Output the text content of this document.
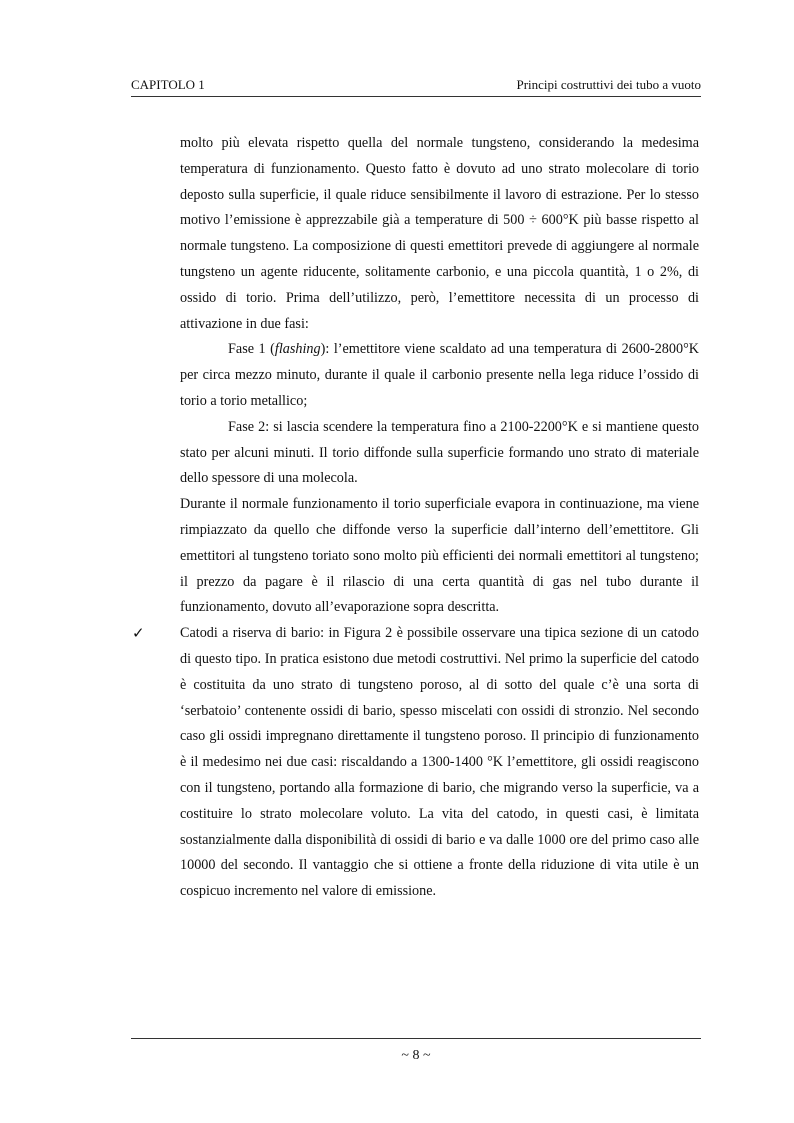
CAPITOLO 1	Principi costruttivi dei tubo a vuoto

molto più elevata rispetto quella del normale tungsteno, considerando la medesima temperatura di funzionamento. Questo fatto è dovuto ad uno strato molecolare di torio deposto sulla superficie, il quale riduce sensibilmente il lavoro di estrazione. Per lo stesso motivo l’emissione è apprezzabile già a temperature di 500 ÷ 600°K più basse rispetto al normale tungsteno. La composizione di questi emettitori prevede di aggiungere al normale tungsteno un agente riducente, solitamente carbonio, e una piccola quantità, 1 o 2%, di ossido di torio. Prima dell’utilizzo, però, l’emettitore necessita di un processo di attivazione in due fasi:

Fase 1 (flashing): l’emettitore viene scaldato ad una temperatura di 2600-2800°K per circa mezzo minuto, durante il quale il carbonio presente nella lega riduce l’ossido di torio a torio metallico;

Fase 2: si lascia scendere la temperatura fino a 2100-2200°K e si mantiene questo stato per alcuni minuti. Il torio diffonde sulla superficie formando uno strato di materiale dello spessore di una molecola.

Durante il normale funzionamento il torio superficiale evapora in continuazione, ma viene rimpiazzato da quello che diffonde verso la superficie dall’interno dell’emettitore. Gli emettitori al tungsteno toriato sono molto più efficienti dei normali emettitori al tungsteno; il prezzo da pagare è il rilascio di una certa quantità di gas nel tubo durante il funzionamento, dovuto all’evaporazione sopra descritta.

✓ Catodi a riserva di bario: in Figura 2 è possibile osservare una tipica sezione di un catodo di questo tipo. In pratica esistono due metodi costruttivi. Nel primo la superficie del catodo è costituita da uno strato di tungsteno poroso, al di sotto del quale c’è una sorta di ‘serbatoio’ contenente ossidi di bario, spesso miscelati con ossidi di stronzio. Nel secondo caso gli ossidi impregnano direttamente il tungsteno poroso. Il principio di funzionamento è il medesimo nei due casi: riscaldando a 1300-1400 °K l’emettitore, gli ossidi reagiscono con il tungsteno, portando alla formazione di bario, che migrando verso la superficie, va a costituire lo strato molecolare voluto. La vita del catodo, in questi casi, è limitata sostanzialmente dalla disponibilità di ossidi di bario e va dalle 1000 ore del primo caso alle 10000 del secondo. Il vantaggio che si ottiene a fronte della riduzione di vita utile è un cospicuo incremento nel valore di emissione.

~ 8 ~
